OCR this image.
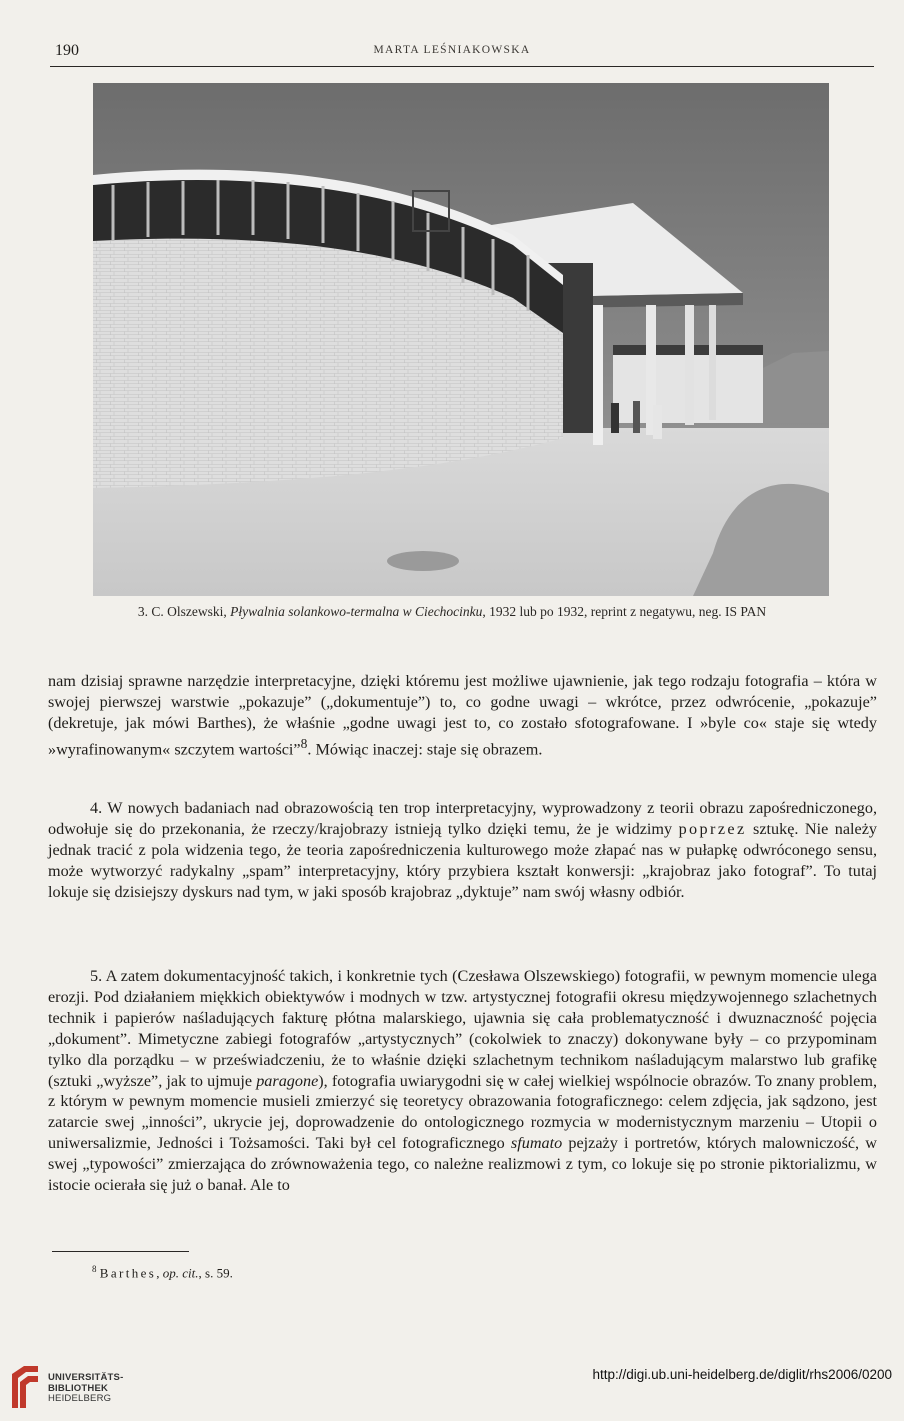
190	MARTA LEŚNIAKOWSKA
3. C. Olszewski, Pływalnia solankowo-termalna w Ciechocinku, 1932 lub po 1932, reprint z negatywu, neg. IS PAN

nam dzisiaj sprawne narzędzie interpretacyjne, dzięki któremu jest możliwe ujawnienie, jak tego rodzaju fotografia – która w swojej pierwszej warstwie „pokazuje” („dokumentuje”) to, co godne uwagi – wkrótce, przez odwrócenie, „pokazuje” (dekretuje, jak mówi Barthes), że właśnie „godne uwagi jest to, co zostało sfotografowane. I »byle co« staje się wtedy »wyrafinowanym« szczytem wartości”$^8$. Mówiąc inaczej: staje się obrazem.

4. W nowych badaniach nad obrazowością ten trop interpretacyjny, wyprowadzony z teorii obrazu zapośredniczonego, odwołuje się do przekonania, że rzeczy/krajobrazy istnieją tylko dzięki temu, że je widzimy poprzez sztukę. Nie należy jednak tracić z pola widzenia tego, że teoria zapośredniczenia kulturowego może złapać nas w pułapkę odwróconego sensu, może wytworzyć radykalny „spam” interpretacyjny, który przybiera kształt konwersji: „krajobraz jako fotograf”. To tutaj lokuje się dzisiejszy dyskurs nad tym, w jaki sposób krajobraz „dyktuje” nam swój własny odbiór.

5. A zatem dokumentacyjność takich, i konkretnie tych (Czesława Olszewskiego) fotografii, w pewnym momencie ulega erozji. Pod działaniem miękkich obiektywów i modnych w tzw. artystycznej fotografii okresu międzywojennego szlachetnych technik i papierów naśladujących fakturę płótna malarskiego, ujawnia się cała problematyczność i dwuznaczność pojęcia „dokument”. Mimetyczne zabiegi fotografów „artystycznych” (cokolwiek to znaczy) dokonywane były – co przypominam tylko dla porządku – w przeświadczeniu, że to właśnie dzięki szlachetnym technikom naśladującym malarstwo lub grafikę (sztuki „wyższe”, jak to ujmuje paragone), fotografia uwiarygodni się w całej wielkiej wspólnocie obrazów. To znany problem, z którym w pewnym momencie musieli zmierzyć się teoretycy obrazowania fotograficznego: celem zdjęcia, jak sądzono, jest zatarcie swej „inności”, ukrycie jej, doprowadzenie do ontologicznego rozmycia w modernistycznym marzeniu – Utopii o uniwersalizmie, Jedności i Tożsamości. Taki był cel fotograficznego sfumato pejzaży i portretów, których malowniczość, w swej „typowości” zmierzająca do zrównoważenia tego, co należne realizmowi z tym, co lokuje się po stronie piktorializmu, w istocie ocierała się już o banał. Ale to

$^8$ Barthes, op. cit., s. 59.
UNIVERSITÄTS-
BIBLIOTHEK
HEIDELBERG
http://digi.ub.uni-heidelberg.de/diglit/rhs2006/0200
